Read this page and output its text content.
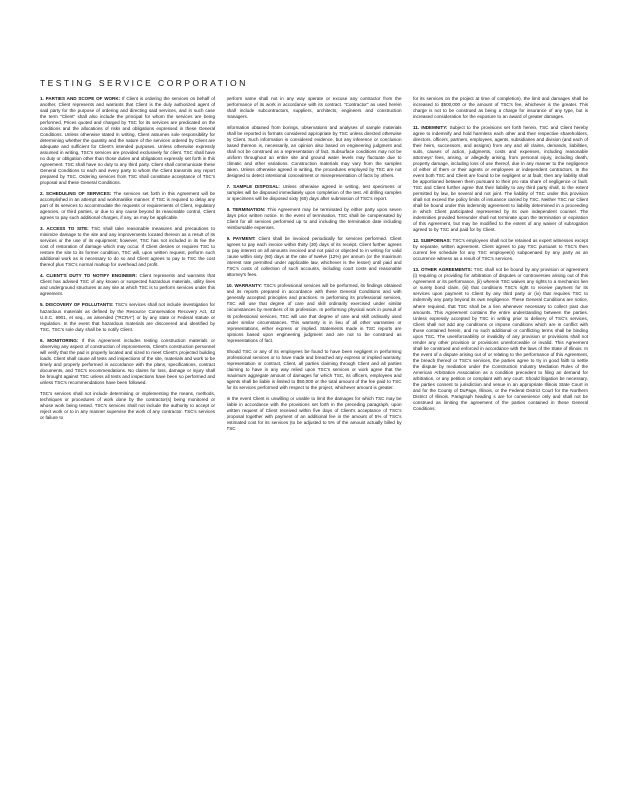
TESTING SERVICE CORPORATION
1. PARTIES AND SCOPE OF WORK: If Client is ordering the services on behalf of another, Client represents and warrants that Client is the duly authorized agent of said party for the purpose of ordering and directing said services, and in such case the term "Client" shall also include the principal for whom the services are being performed. Prices quoted and charged by TSC for its services are predicated on the conditions and the allocations of risks and obligations expressed in these General Conditions. Unless otherwise stated in writing, Client assumes sole responsibility for determining whether the quantity and the nature of the services ordered by Client are adequate and sufficient for Client's intended purposes. Unless otherwise expressly assumed in writing, TSC's services are provided exclusively for client. TSC shall have no duty or obligation other than those duties and obligations expressly set forth in this Agreement. TSC shall have no duty to any third party. Client shall communicate these General Conditions to each and every party to whom the Client transmits any report prepared by TSC. Ordering services from TSC shall constitute acceptance of TSC's proposal and these General Conditions.
2. SCHEDULING OF SERVICES: The services set forth in this Agreement will be accomplished in an attempt and workmanlike manner. If TSC is required to delay any part of its services to accommodate the requests or requirements of Client, regulatory agencies, or third parties, or due to any cause beyond its reasonable control, Client agrees to pay such additional charges, if any, as may be applicable.
3. ACCESS TO SITE: TSC shall take reasonable measures and precautions to minimize damage to the site and any improvements located thereon as a result of its services or the use of its equipment; however, TSC has not included in its fee the cost of restoration of damage which may occur. If Client desires or requires TSC to restore the site to its former condition, TSC will, upon written request, perform such additional work as is necessary to do so and Client agrees to pay to TSC the cost thereof plus TSC's normal markup for overhead and profit.
4. CLIENT'S DUTY TO NOTIFY ENGINEER: Client represents and warrants that Client has advised TSC of any known or suspected hazardous materials, utility lines and underground structures at any site at which TSC is to perform services under this agreement.
5. DISCOVERY OF POLLUTANTS: TSC's services shall not include investigation for hazardous materials as defined by the Resource Conservation Recovery Act, 42 U.S.C. 6901, et seq., as amended ("RCRA") or by any state or Federal statute or regulation. In the event that hazardous materials are discovered and identified by TSC, TSC's sole duty shall be to notify Client.
6. MONITORING: If this Agreement includes testing construction materials or observing any aspect of construction of improvements, Client's construction personnel will verify that the pad is properly located and sized to meet Client's projected building loads. Client shall cause all tests and inspections of the site, materials and work to be timely and properly performed in accordance with the plans, specifications, contract documents, and TSC's recommendations. No claims for loss, damage or injury shall be brought against TSC unless all tests and inspections have been so performed and unless TSC's recommendations have been followed.
TSC's services shall not include determining or implementing the means, methods, techniques or procedures of work done by the contractor(s) being monitored or whose work being tested. TSC's services shall not include the authority to accept or reject work or to in any manner supervise the work of any contractor. TSC's services or failure to
perform same shall not in any way operate or excuse any contractor from the performance of its work in accordance with its contract. "Contractor" as used herein shall include subcontractors, suppliers, architects, engineers and construction managers.
Information obtained from borings, observations and analyses of sample materials shall be reported in formats considered appropriate by TSC unless directed otherwise by Client. Such information is considered evidence, but any inference or conclusion based thereon is, necessarily, an opinion also based on engineering judgment and shall not be construed as a representation of fact. Subsurface conditions may not be uniform throughout an entire site and ground water levels may fluctuate due to climatic and other variations. Construction materials may vary from the samples taken. Unless otherwise agreed in writing, the procedures employed by TSC are not designed to detect intentional concealment or misrepresentation of facts by others.
7. SAMPLE DISPOSAL: Unless otherwise agreed in writing, test specimens or samples will be disposed immediately upon completion of the test. All drilling samples or specimens will be disposed sixty (60) days after submission of TSC's report.
8. TERMINATION: This Agreement may be terminated by either party upon seven days prior written notice. In the event of termination, TSC shall be compensated by Client for all services performed up to and including the termination date including reimbursable expenses.
9. PAYMENT: Client shall be invoiced periodically for services performed. Client agrees to pay each invoice within thirty (30) days of its receipt. Client further agrees to pay interest on all amounts invoiced and not paid or objected to in writing for valid cause within sixty (60) days at the rate of twelve (12%) per annum (or the maximum interest rate permitted under applicable law, whichever is the lesser) until paid and TSC's costs of collection of such accounts, including court costs and reasonable attorney's fees.
10. WARRANTY: TSC's professional services will be performed, its findings obtained and its reports prepared in accordance with these General Conditions and with generally accepted principles and practices. In performing its professional services, TSC will use that degree of care and skill ordinarily exercised under similar circumstances by members of its profession. In performing physical work in pursuit of its professional services, TSC will use that degree of care and skill ordinarily used under similar circumstances. This warranty is in lieu of all other warranties or representations, either express or implied. Statements made in TSC reports are opinions based upon engineering judgment and are not to be construed as representations of fact.
Should TSC or any of its employees be found to have been negligent in performing professional services or to have made and breached any express or implied warranty, representation or contract, Client, all parties claiming through Client and all parties claiming to have in any way relied upon TSC's services or work agree that the maximum aggregate amount of damages for which TSC, its officers, employees and agents shall be liable is limited to $50,000 or the total amount of the fee paid to TSC for its services performed with respect to the project, whichever amount is greater.
In the event Client is unwilling or unable to limit the damages for which TSC may be liable in accordance with the provisions set forth in the preceding paragraph, upon written request of Client received within five days of Client's acceptance of TSC's proposal together with payment of an additional fee in the amount of 5% of TSC's estimated cost for its services (to be adjusted to 5% of the amount actually billed by TSC
for its services on the project at time of completion), the limit and damages shall be increased to $500,000 or the amount of TSC's fee, whichever is the greater. This charge is not to be construed as being a charge for insurance of any type, but is increased consideration for the exposure to an award of greater damages.
11. INDEMNITY: Subject to the provisions set forth herein, TSC and Client hereby agree to indemnify and hold harmless each other and their respective shareholders, directors, officers, partners, employees, agents, subsidiaries and division (and each of their heirs, successors, and assigns) from any and all claims, demands, liabilities, suits, causes of action, judgments, costs and expenses, including reasonable attorneys' fees, arising, or allegedly arising, from personal injury, including death, property damage, including loss of use thereof, due in any manner to the negligence of either of them or their agents or employees or independent contractors. In the event both TSC and Client are found to be negligent or at fault, then any liability shall be apportioned between them pursuant to their pro rata share of negligence or fault. TSC and Client further agree that their liability to any third party shall, to the extent permitted by law, be several and not joint. The liability of TSC under this provision shall not exceed the policy limits of insurance carried by TSC. Neither TSC nor Client shall be bound under this indemnity agreement to liability determined in a proceeding in which Client participated represented by its own independent counsel. The indemnities provided hereunder shall not terminate upon the termination or expiration of this Agreement, but may be modified to the extent of any waiver of subrogation agreed to by TSC and paid for by Client.
12. SUBPOENAS: TSC's employees shall not be retained as expert witnesses except by separate, written agreement. Client agrees to pay TSC pursuant to TSC's then current fee schedule for any TSC employee(s) subpoenaed by any party as an occurrence witness as a result of TSC's services.
13. OTHER AGREEMENTS: TSC shall not be bound by any provision or agreement (i) requiring or providing for arbitration of disputes or controversies arising out of this Agreement or its performance, (ii) wherein TSC waives any rights to a mechanics lien or surety bond claim, (iii) that conditions TSC's right to receive payment for its services upon payment to Client by any third party or (iv) that requires TSC to indemnify any party beyond its own negligence. These General Conditions are notice, where required, that TSC shall be a lien whenever necessary to collect past due amounts. This Agreement contains the entire understanding between the parties. Unless expressly accepted by TSC in writing prior to delivery of TSC's services, Client shall not add any conditions or impose conditions which are in conflict with those contained herein, and no such additional or conflicting terms shall be binding upon TSC. The unenforceability or invalidity of any provision or provisions shall not render any other provision or provisions unenforceable or invalid. This Agreement shall be construed and enforced in accordance with the laws of the State of Illinois. In the event of a dispute arising out of or relating to the performance of this Agreement, the breach thereof or TSC's services, the parties agree to try in good faith to settle the dispute by mediation under the Construction Industry Mediation Rules of the American Arbitration Association as a condition precedent to filing an demand for arbitration, or any petition or complaint with any court. Should litigation be necessary, the parties consent to jurisdiction and venue in an appropriate Illinois State Court in and for the County of DuPage, Illinois, or the Federal District Court for the Northern District of Illinois. Paragraph heading s are for convenience only and shall not be construed as limiting the agreement of the parties contained in these General Conditions.
